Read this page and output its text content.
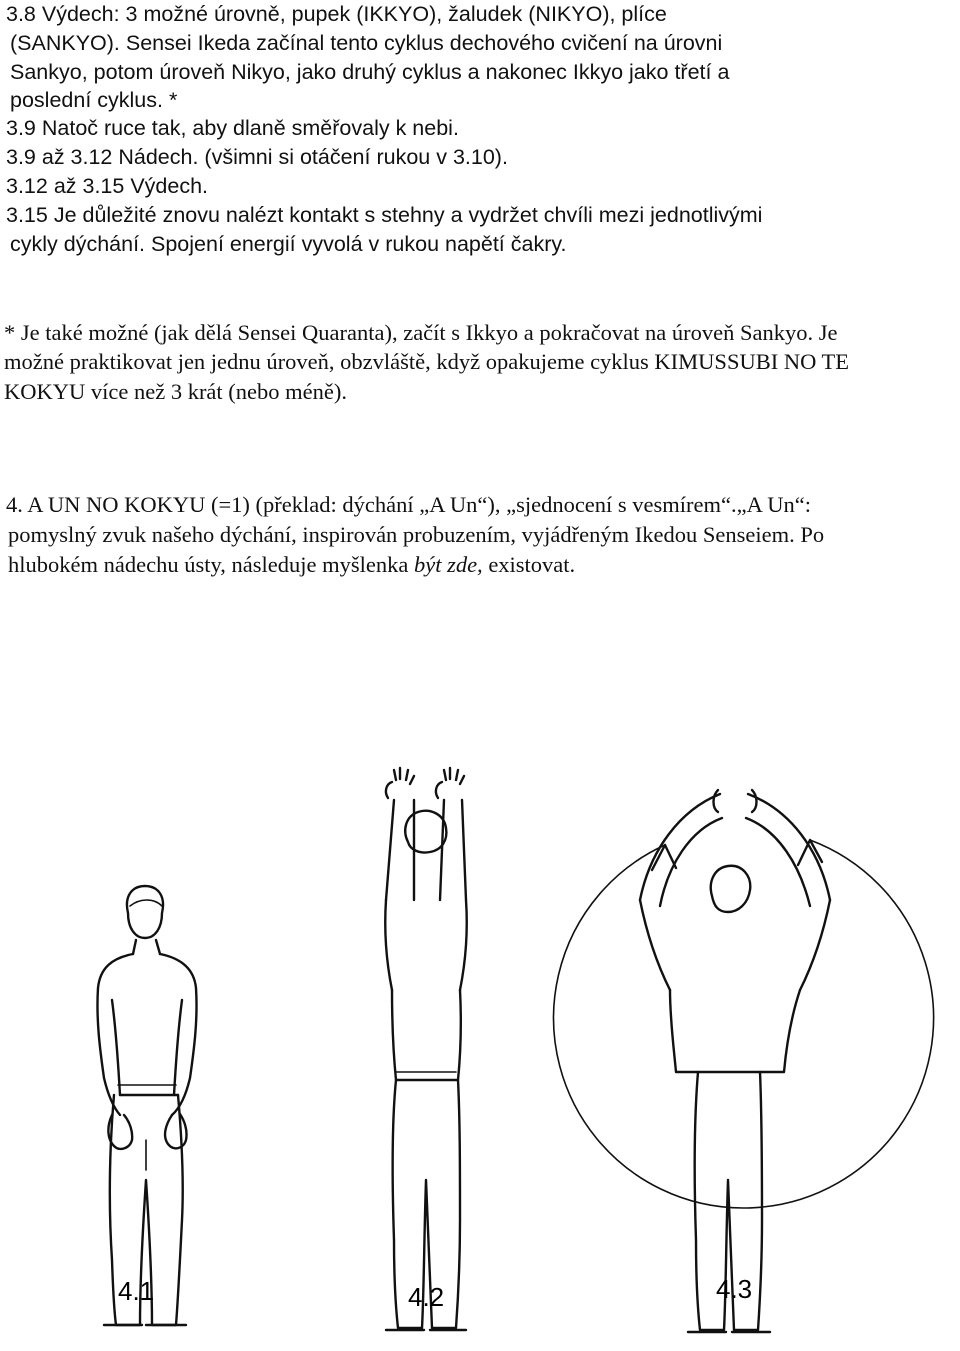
3.8 Výdech: 3 možné úrovně, pupek (IKKYO), žaludek (NIKYO), plíce
(SANKYO). Sensei Ikeda začínal tento cyklus dechového cvičení na úrovni
Sankyo, potom úroveň Nikyo, jako druhý cyklus a nakonec Ikkyo jako třetí a
poslední cyklus. *
3.9 Natoč ruce tak, aby dlaně směřovaly k nebi.
3.9 až 3.12 Nádech. (všimni si otáčení rukou v 3.10).
3.12 až 3.15 Výdech.
3.15 Je důležité znovu nalézt kontakt s stehny a vydržet chvíli mezi jednotlivými
cykly dýchání. Spojení energií vyvolá v rukou napětí čakry.
* Je také možné (jak dělá Sensei Quaranta), začít s Ikkyo a pokračovat na úroveň Sankyo. Je
možné praktikovat jen jednu úroveň, obzvláště, když opakujeme cyklus KIMUSSUBI NO TE
KOKYU více než 3 krát (nebo méně).
4. A UN NO KOKYU (=1) (překlad: dýchání „A Un“), „sjednocení s vesmírem“.„A Un“:
pomyslný zvuk našeho dýchání, inspirován probuzením, vyjádřeným Ikedou Senseiem. Po
hlubokém nádechu ústy, následuje myšlenka být zde, existovat.
4.1	4.2	4.3
